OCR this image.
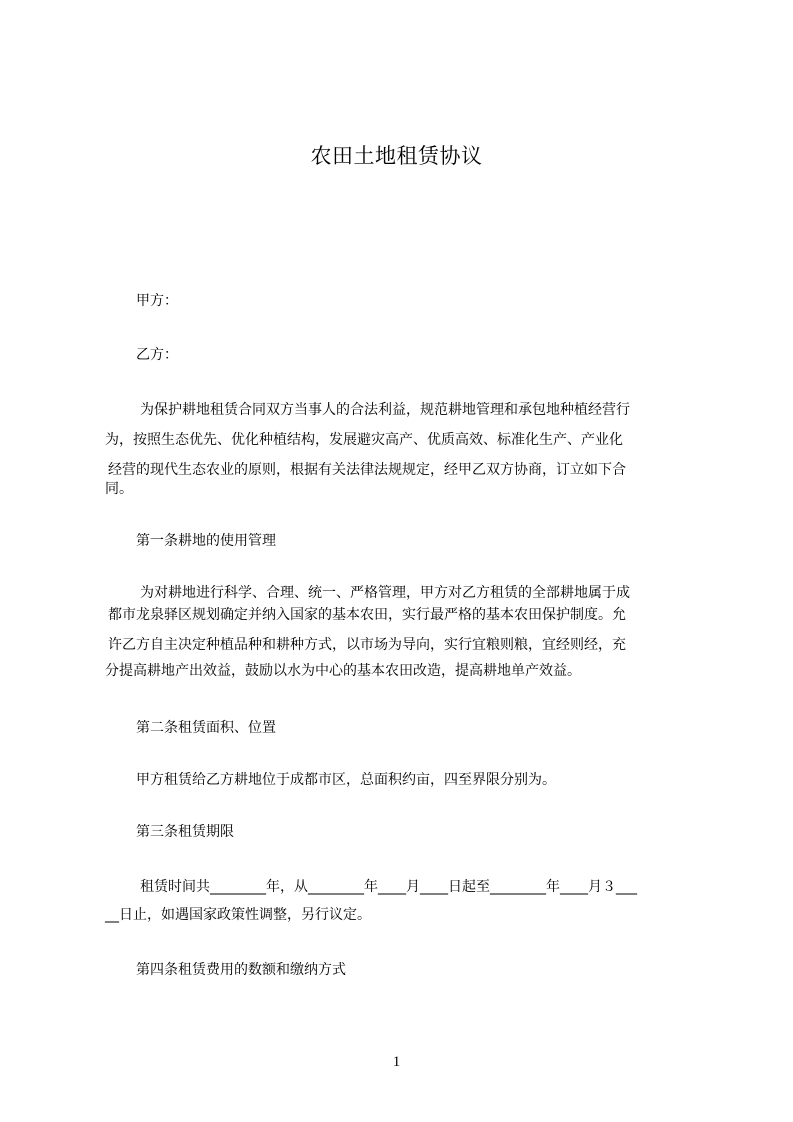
农田土地租赁协议
甲方：
乙方：
为保护耕地租赁合同双方当事人的合法利益，规范耕地管理和承包地种植经营行
为，按照生态优先、优化种植结构，发展避灾高产、优质高效、标准化生产、产业化
经营的现代生态农业的原则，根据有关法律法规规定，经甲乙双方协商，订立如下合
同。
第一条耕地的使用管理
为对耕地进行科学、合理、统一、严格管理，甲方对乙方租赁的全部耕地属于成
都市龙泉驿区规划确定并纳入国家的基本农田，实行最严格的基本农田保护制度。允
许乙方自主决定种植品种和耕种方式，以市场为导向，实行宜粮则粮，宜经则经，充
分提高耕地产出效益，鼓励以水为中心的基本农田改造，提高耕地单产效益。
第二条租赁面积、位置
甲方租赁给乙方耕地位于成都市区，总面积约亩，四至界限分别为。
第三条租赁期限
租赁时间共________年，从________年____月____日起至________年____月３___
__日止，如遇国家政策性调整，另行议定。
第四条租赁费用的数额和缴纳方式
1
